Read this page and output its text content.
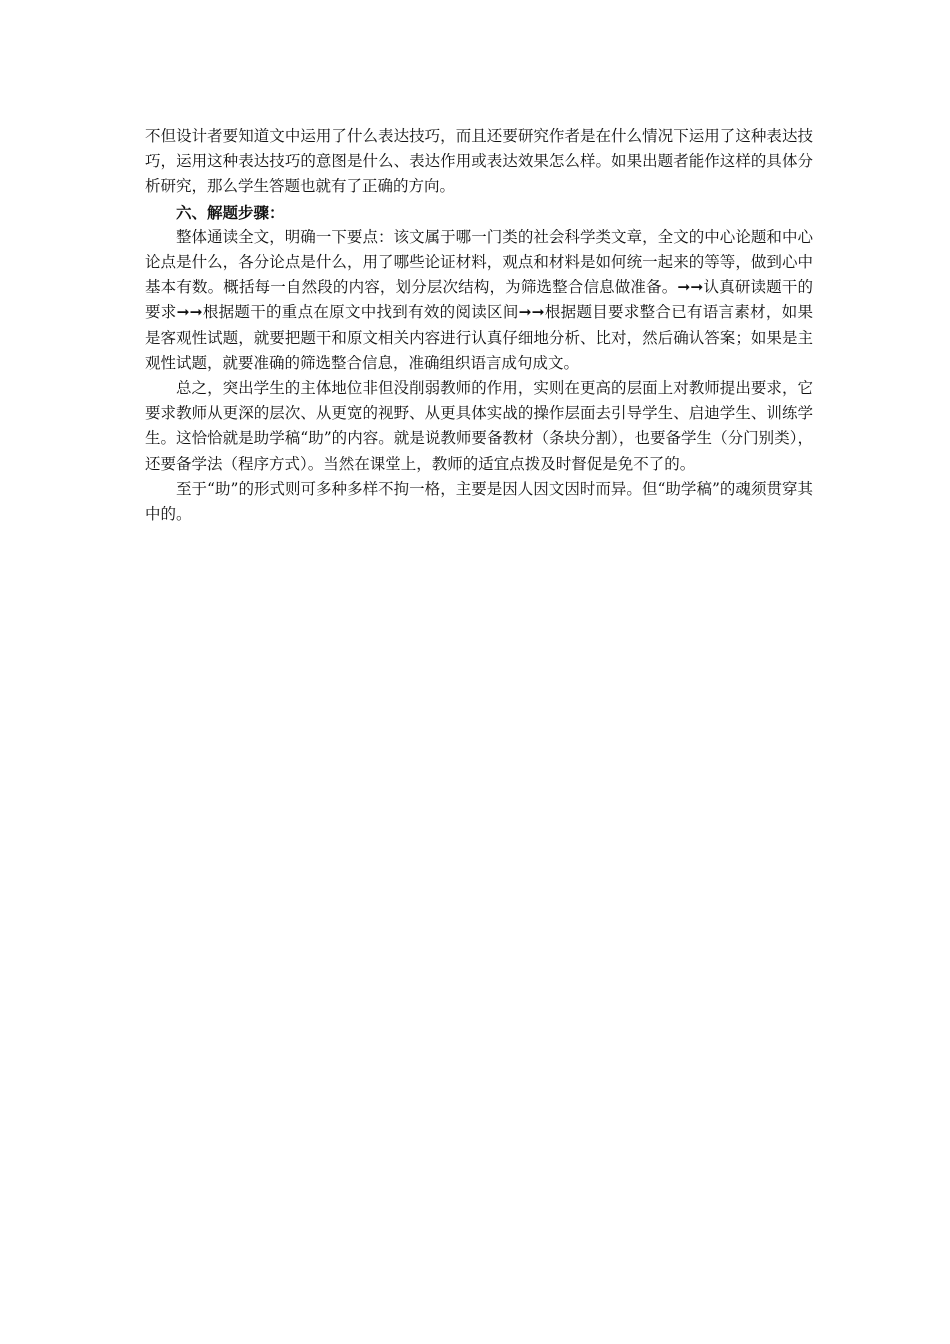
不但设计者要知道文中运用了什么表达技巧，而且还要研究作者是在什么情况下运用了这种表达技巧，运用这种表达技巧的意图是什么、表达作用或表达效果怎么样。如果出题者能作这样的具体分析研究，那么学生答题也就有了正确的方向。

六、解题步骤：

整体通读全文，明确一下要点：该文属于哪一门类的社会科学类文章，全文的中心论题和中心论点是什么，各分论点是什么，用了哪些论证材料，观点和材料是如何统一起来的等等，做到心中基本有数。概括每一自然段的内容，划分层次结构，为筛选整合信息做准备。➞➞认真研读题干的要求➞➞根据题干的重点在原文中找到有效的阅读区间➞➞根据题目要求整合已有语言素材，如果是客观性试题，就要把题干和原文相关内容进行认真仔细地分析、比对，然后确认答案；如果是主观性试题，就要准确的筛选整合信息，准确组织语言成句成文。

总之，突出学生的主体地位非但没削弱教师的作用，实则在更高的层面上对教师提出要求，它要求教师从更深的层次、从更宽的视野、从更具体实战的操作层面去引导学生、启迪学生、训练学生。这恰恰就是助学稿“助”的内容。就是说教师要备教材（条块分割），也要备学生（分门别类），还要备学法（程序方式）。当然在课堂上，教师的适宜点拨及时督促是免不了的。

至于“助”的形式则可多种多样不拘一格，主要是因人因文因时而异。但“助学稿”的魂须贯穿其中的。
